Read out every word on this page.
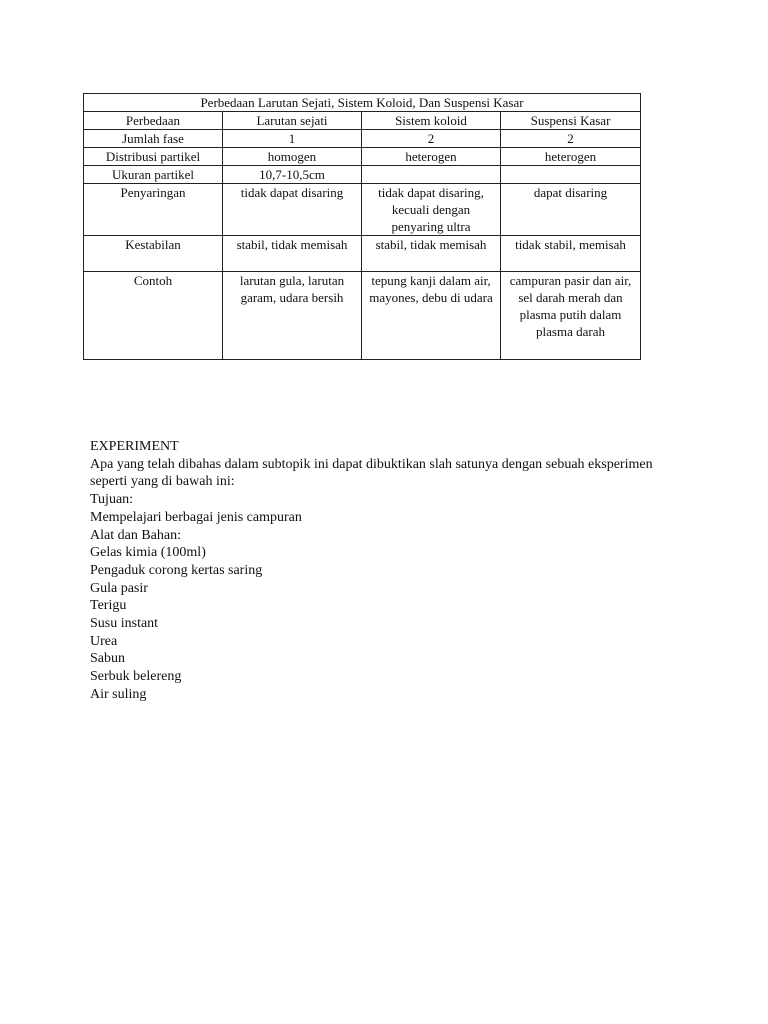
Perbedaan Larutan Sejati, Sistem Koloid, Dan Suspensi Kasar			
Perbedaan	Larutan sejati	Sistem koloid	Suspensi Kasar
Jumlah fase	1	2	2
Distribusi partikel	homogen	heterogen	heterogen
Ukuran partikel	10,7-10,5cm		
Penyaringan	tidak dapat disaring	tidak dapat disaring, kecuali dengan penyaring ultra	dapat disaring
Kestabilan	stabil, tidak memisah	stabil, tidak memisah	tidak stabil, memisah
Contoh	larutan gula, larutan garam, udara bersih	tepung kanji dalam air, mayones, debu di udara	campuran pasir dan air, sel darah merah dan plasma putih dalam plasma darah

EXPERIMENT

Apa yang telah dibahas dalam subtopik ini dapat dibuktikan slah satunya dengan sebuah eksperimen seperti yang di bawah ini:

Tujuan:

Mempelajari berbagai jenis campuran

Alat dan Bahan:

Gelas kimia (100ml)

Pengaduk corong kertas saring

Gula pasir

Terigu

Susu instant

Urea

Sabun

Serbuk belereng

Air suling
